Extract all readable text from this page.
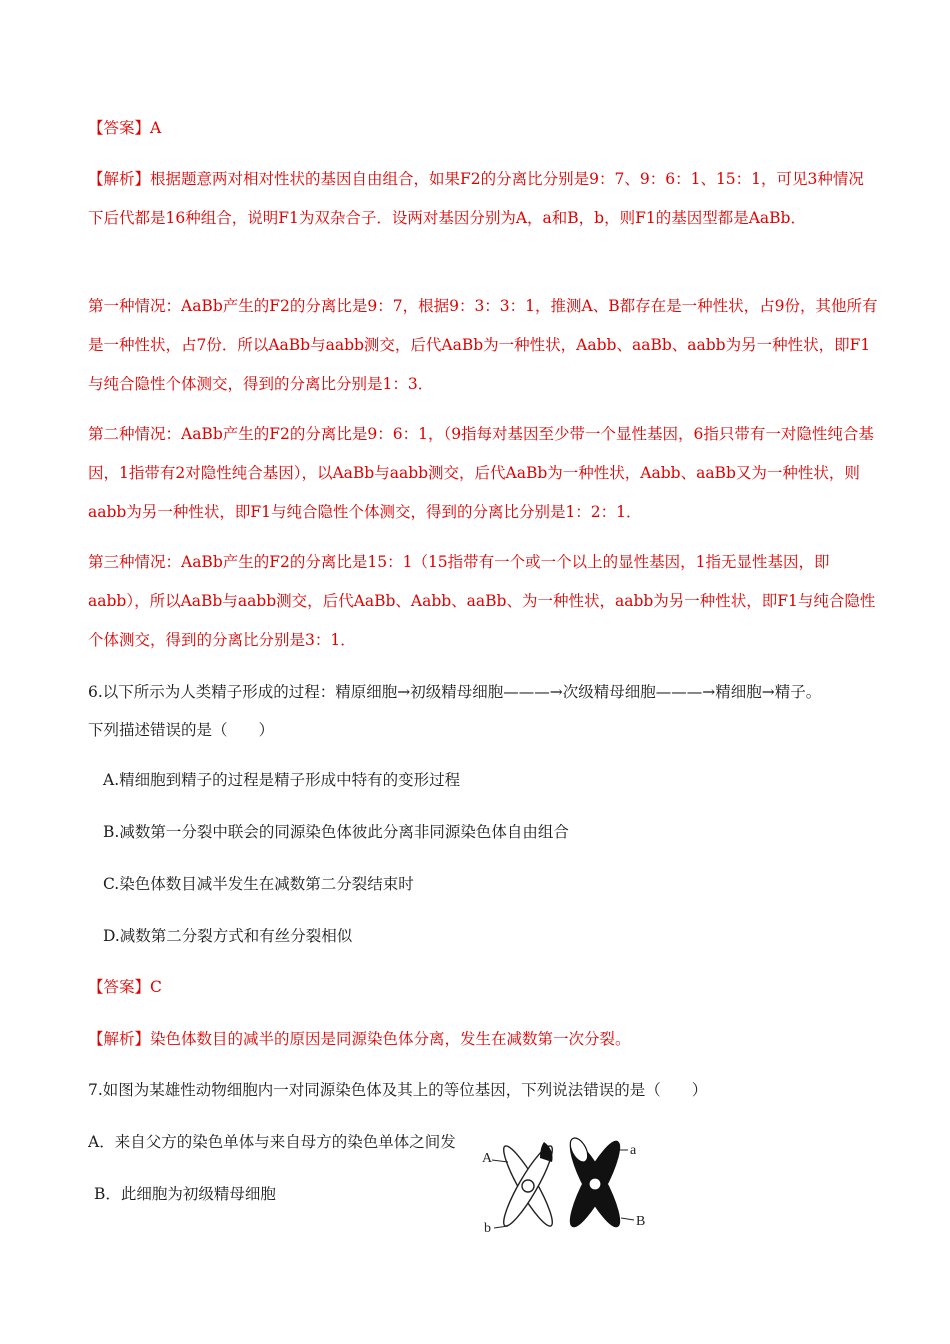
【答案】A

【解析】根据题意两对相对性状的基因自由组合，如果F2的分离比分别是9：7、9：6：1、15：1，可见3种情况下后代都是16种组合，说明F1为双杂合子．设两对基因分别为A，a和B，b，则F1的基因型都是AaBb．

第一种情况：AaBb产生的F2的分离比是9：7，根据9：3：3：1，推测A、B都存在是一种性状，占9份，其他所有是一种性状，占7份．所以AaBb与aabb测交，后代AaBb为一种性状，Aabb、aaBb、aabb为另一种性状，即F1与纯合隐性个体测交，得到的分离比分别是1：3．

第二种情况：AaBb产生的F2的分离比是9：6：1，（9指每对基因至少带一个显性基因，6指只带有一对隐性纯合基因，1指带有2对隐性纯合基因），以AaBb与aabb测交，后代AaBb为一种性状，Aabb、aaBb又为一种性状，则aabb为另一种性状，即F1与纯合隐性个体测交，得到的分离比分别是1：2：1．

第三种情况：AaBb产生的F2的分离比是15：1（15指带有一个或一个以上的显性基因，1指无显性基因，即aabb），所以AaBb与aabb测交，后代AaBb、Aabb、aaBb、为一种性状，aabb为另一种性状，即F1与纯合隐性个体测交，得到的分离比分别是3：1．

6.以下所示为人类精子形成的过程：精原细胞→初级精母细胞———→次级精母细胞———→精细胞→精子。

下列描述错误的是（　　）

A.精细胞到精子的过程是精子形成中特有的变形过程

B.减数第一分裂中联会的同源染色体彼此分离非同源染色体自由组合

C.染色体数目减半发生在减数第二分裂结束时

D.减数第二分裂方式和有丝分裂相似

【答案】C

【解析】染色体数目的减半的原因是同源染色体分离，发生在减数第一次分裂。

7.如图为某雄性动物细胞内一对同源染色体及其上的等位基因，下列说法错误的是（　　）

A．来自父方的染色单体与来自母方的染色单体之间发

B．此细胞为初级精母细胞

A
b
a
B
